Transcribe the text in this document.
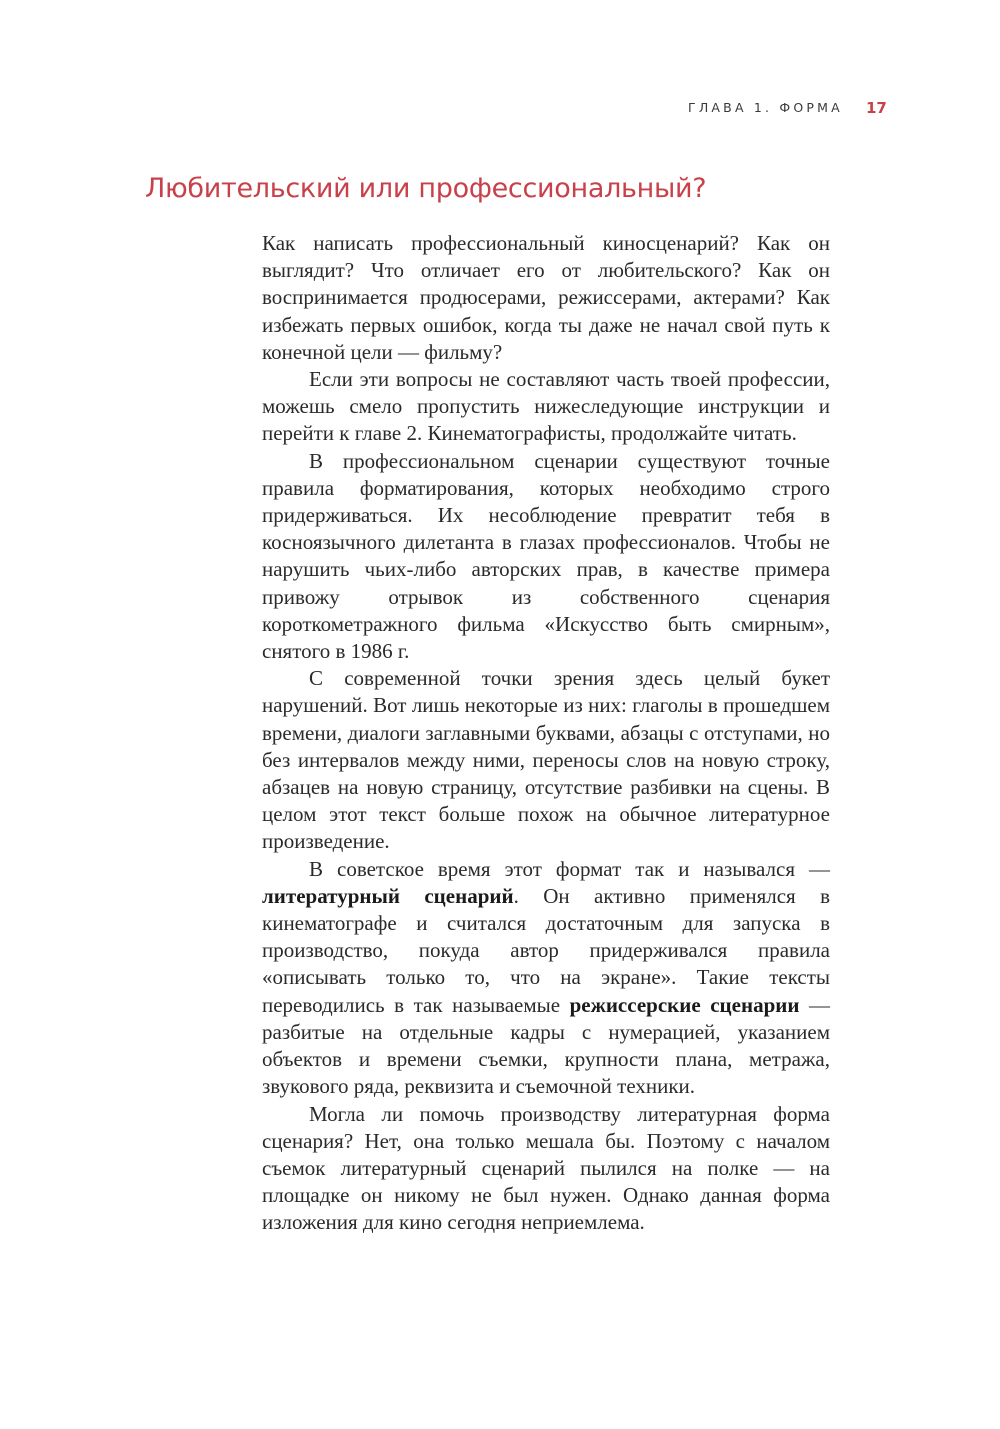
ГЛАВА 1. ФОРМА 17
Любительский или профессиональный?

Как написать профессиональный киносценарий? Как он выглядит? Что отличает его от любительского? Как он воспринимается продюсерами, режиссерами, актерами? Как избежать первых ошибок, когда ты даже не начал свой путь к конечной цели — фильму?

Если эти вопросы не составляют часть твоей профессии, можешь смело пропустить нижеследующие инструкции и перейти к главе 2. Кинематографисты, продолжайте читать.

В профессиональном сценарии существуют точные правила форматирования, которых необходимо строго придерживаться. Их несоблюдение превратит тебя в косноязычного дилетанта в глазах профессионалов. Чтобы не нарушить чьих-либо авторских прав, в качестве примера привожу отрывок из собственного сценария короткометражного фильма «Искусство быть смирным», снятого в 1986 г.

С современной точки зрения здесь целый букет нарушений. Вот лишь некоторые из них: глаголы в прошедшем времени, диалоги заглавными буквами, абзацы с отступами, но без интервалов между ними, переносы слов на новую строку, абзацев на новую страницу, отсутствие разбивки на сцены. В целом этот текст больше похож на обычное литературное произведение.

В советское время этот формат так и назывался — литературный сценарий. Он активно применялся в кинематографе и считался достаточным для запуска в производство, покуда автор придерживался правила «описывать только то, что на экране». Такие тексты переводились в так называемые режиссерские сценарии — разбитые на отдельные кадры с нумерацией, указанием объектов и времени съемки, крупности плана, метража, звукового ряда, реквизита и съемочной техники.

Могла ли помочь производству литературная форма сценария? Нет, она только мешала бы. Поэтому с началом съемок литературный сценарий пылился на полке — на площадке он никому не был нужен. Однако данная форма изложения для кино сегодня неприемлема.
